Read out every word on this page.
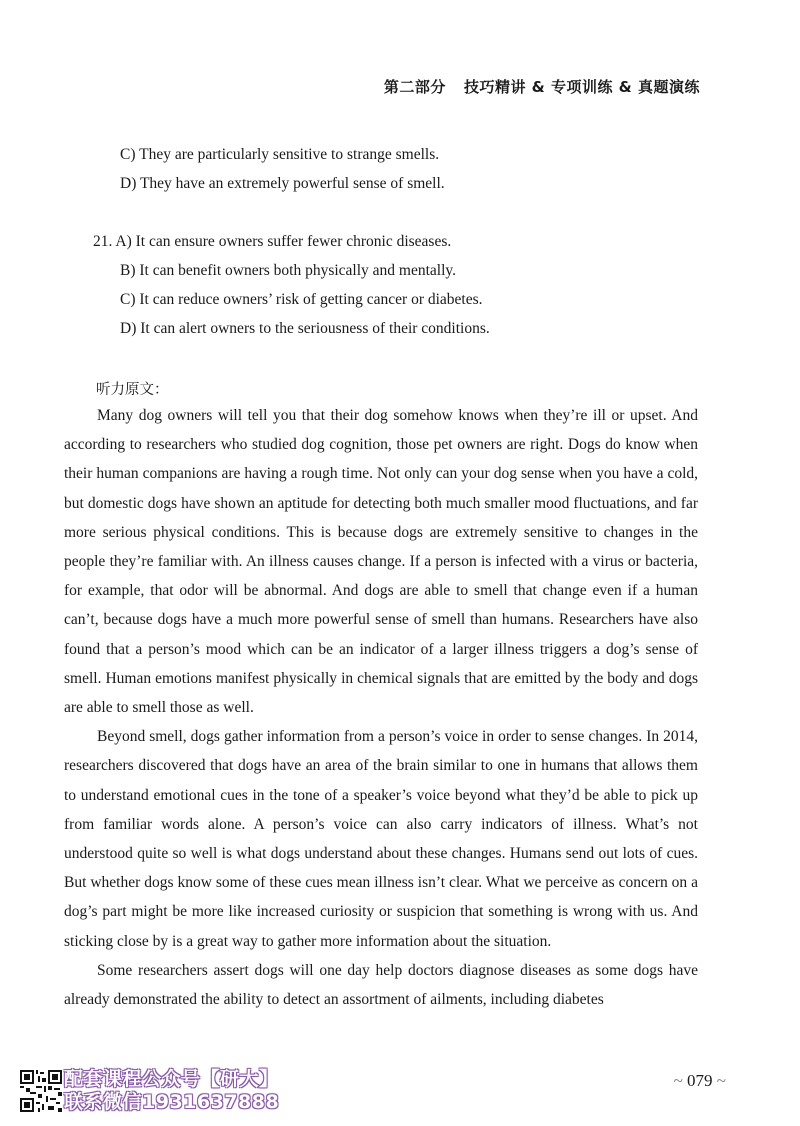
第二部分 技巧精讲 & 专项训练 & 真题演练
C) They are particularly sensitive to strange smells.
D) They have an extremely powerful sense of smell.
21. A) It can ensure owners suffer fewer chronic diseases.
B) It can benefit owners both physically and mentally.
C) It can reduce owners’ risk of getting cancer or diabetes.
D) It can alert owners to the seriousness of their conditions.
听力原文：

Many dog owners will tell you that their dog somehow knows when they’re ill or upset. And according to researchers who studied dog cognition, those pet owners are right. Dogs do know when their human companions are having a rough time. Not only can your dog sense when you have a cold, but domestic dogs have shown an aptitude for detecting both much smaller mood fluctuations, and far more serious physical conditions. This is because dogs are extremely sensitive to changes in the people they’re familiar with. An illness causes change. If a person is infected with a virus or bacteria, for example, that odor will be abnormal. And dogs are able to smell that change even if a human can’t, because dogs have a much more powerful sense of smell than humans. Researchers have also found that a person’s mood which can be an indicator of a larger illness triggers a dog’s sense of smell. Human emotions manifest physically in chemical signals that are emitted by the body and dogs are able to smell those as well.

Beyond smell, dogs gather information from a person’s voice in order to sense changes. In 2014, researchers discovered that dogs have an area of the brain similar to one in humans that allows them to understand emotional cues in the tone of a speaker’s voice beyond what they’d be able to pick up from familiar words alone. A person’s voice can also carry indicators of illness. What’s not understood quite so well is what dogs understand about these changes. Humans send out lots of cues. But whether dogs know some of these cues mean illness isn’t clear. What we perceive as concern on a dog’s part might be more like increased curiosity or suspicion that something is wrong with us. And sticking close by is a great way to gather more information about the situation.

Some researchers assert dogs will one day help doctors diagnose diseases as some dogs have already demonstrated the ability to detect an assortment of ailments, including diabetes

配套课程公众号【研大】
联系微信1931637888
~ 079 ~
